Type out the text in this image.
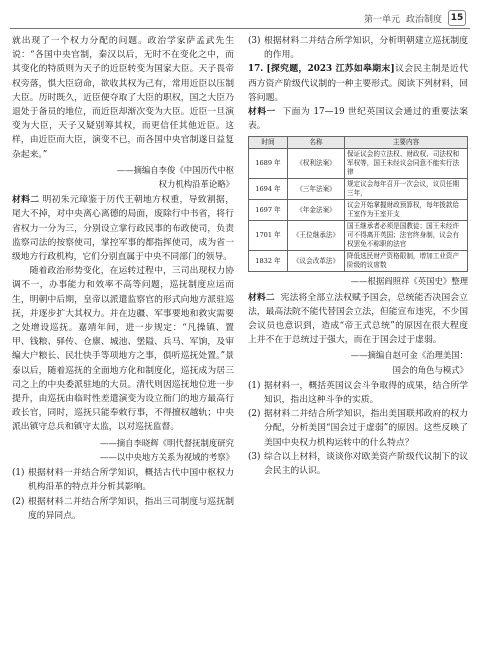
第一单元 政治制度 15

就出现了一个权力分配的问题。政治学家萨孟武先生说：“各国中央官制，秦汉以后，无时不在变化之中，而其变化的特质则为天子的近臣转变为国家大臣。天子畏帝权旁落，惧大臣窃命，欲收其权为己有，常用近臣以压制大臣。历时既久，近臣便夺取了大臣的职权，国之大臣乃退处于备员的地位，而近臣却渐次变为大臣。近臣一旦演变为大臣，天子又疑别筹其权，而更信任其他近臣。这样，由近臣而大臣，演变不已，而各国中央官制遂日益复杂起来。”

——摘编自李俊《中国历代中枢
权力机构沿革论略》

材料二 明初朱元璋鉴于历代王朝地方权重，导致割据，尾大不掉，对中央离心离德的局面，废除行中书省，将行省权力一分为三，分别设立掌行政民事的布政使司，负责监察司法的按察使司，掌控军事的都指挥使司，成为省一级地方行政机构，它们分别直属于中央不同部门的领导。

随着政治形势变化，在运转过程中，三司出现权力协调不一，办事能力和效率不高等问题，巡抚制度应运而生，明朝中后期，皇帝以派遣监察官的形式向地方派驻巡抚，并逐步扩大其权力。并在边疆、军事要地和救灾需要之处增设巡抚。嘉靖年间，进一步规定：“凡操镇、置甲、钱粮、驿传、仓廪、城池、堡隘、兵马、军饷，及审编大户粮长、民壮快手等项地方之事，俱听巡抚处置。”景泰以后，随着巡抚的全面地方化和制度化，巡抚成为居三司之上的中央委派驻地的大员。清代则因巡抚地位进一步提升，由巡抚由临时性差遣演变为设立衙门的地方最高行政长官，同时，巡抚只能奉敕行事，不得擅权越轨；中央派出镇守总兵和镇守太监，以对巡抚监督。

——摘自李晓辉《明代督抚制度研究
——以中央地方关系为视域的考察》
(1) 根据材料一并结合所学知识，概括古代中国中枢权力机构沿革的特点并分析其影响。
(2) 根据材料二并结合所学知识，指出三司制度与巡抚制度的异同点。
(3) 根据材料二并结合所学知识，分析明朝建立巡抚制度的作用。

17. [探究题，2023 江苏如皋期末]议会民主制是近代西方资产阶级代议制的一种主要形式。阅读下列材料，回答问题。

材料一 下面为 17—19 世纪英国议会通过的重要法案表。

时间	名称	主要内容
1689 年	《权利法案》	保证议会的立法权、财政权、司法权和军权等，国王未经议会同意不能实行法律
1694 年	《三年法案》	规定议会每年召开一次会议，议员任期三年，
1697 年	《年金法案》	议会开始掌握财政预算权，每年拨款给王室作为王室开支
1701 年	《王位继承法》	国王继承者必须是国教徒；国王未经许可不得离开英国；法官终身制，议会有权罢免不称职的法官
1832 年	《议会改革法》	降低选民财产资格限制，增加工业资产阶级的议席数
——根据阎照祥《英国史》整理

材料二 宪法将全部立法权赋予国会，总统能否决国会立法，最高法院不能代替国会立法，但能宣布违宪，不少国会议员也意识到，造成“帝王式总统”的原因在很大程度上并不在于总统过于强大，而在于国会过于虚弱。

——摘编自赵可金《治理美国：
国会的角色与模式》
(1) 据材料一，概括英国议会斗争取得的成果，结合所学知识，指出这种斗争的实质。
(2) 据材料二并结合所学知识，指出美国联邦政府的权力分配，分析美国“国会过于虚弱”的原因。这些反映了美国中央权力机构运转中的什么特点？
(3) 综合以上材料，谈谈你对欧美资产阶级代议制下的议会民主的认识。
